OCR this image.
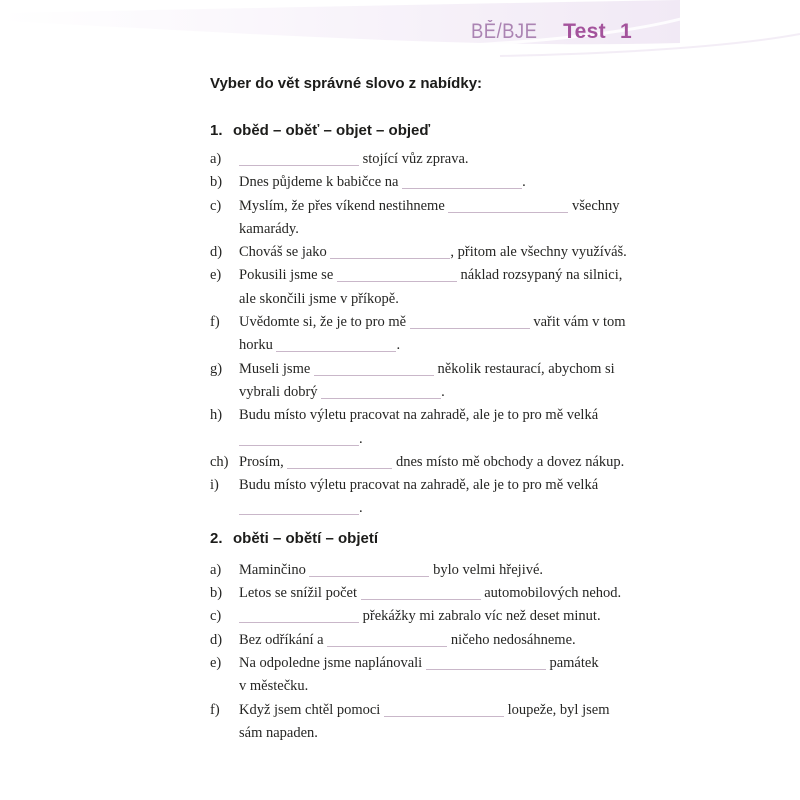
BĚ/BJE Test 1
Vyber do vět správné slovo z nabídky:
1. oběd – oběť – objet – objeď
a)	stojící vůz zprava.
b)	Dnes půjdeme k babičce na	.
c)	Myslím, že přes víkend nestihneme	všechny
kamarády.
d)	Chováš se jako	, přitom ale všechny využíváš.
e)	Pokusili jsme se	náklad rozsypaný na silnici,
ale skončili jsme v příkopě.
f)	Uvědomte si, že je to pro mě	vařit vám v tom
horku	.
g)	Museli jsme	několik restaurací, abychom si
vybrali dobrý	.
h)	Budu místo výletu pracovat na zahradě, ale je to pro mě velká
.
ch) Prosím,	dnes místo mě obchody a dovez nákup.
i)	Budu místo výletu pracovat na zahradě, ale je to pro mě velká
.
2. oběti – obětí – objetí
a)	Maminčino	bylo velmi hřejivé.
b)	Letos se snížil počet	automobilových nehod.
c)	překážky mi zabralo víc než deset minut.
d)	Bez odříkání a	ničeho nedosáhneme.
e)	Na odpoledne jsme naplánovali	památek
v městečku.
f)	Když jsem chtěl pomoci	loupeže, byl jsem
sám napaden.
